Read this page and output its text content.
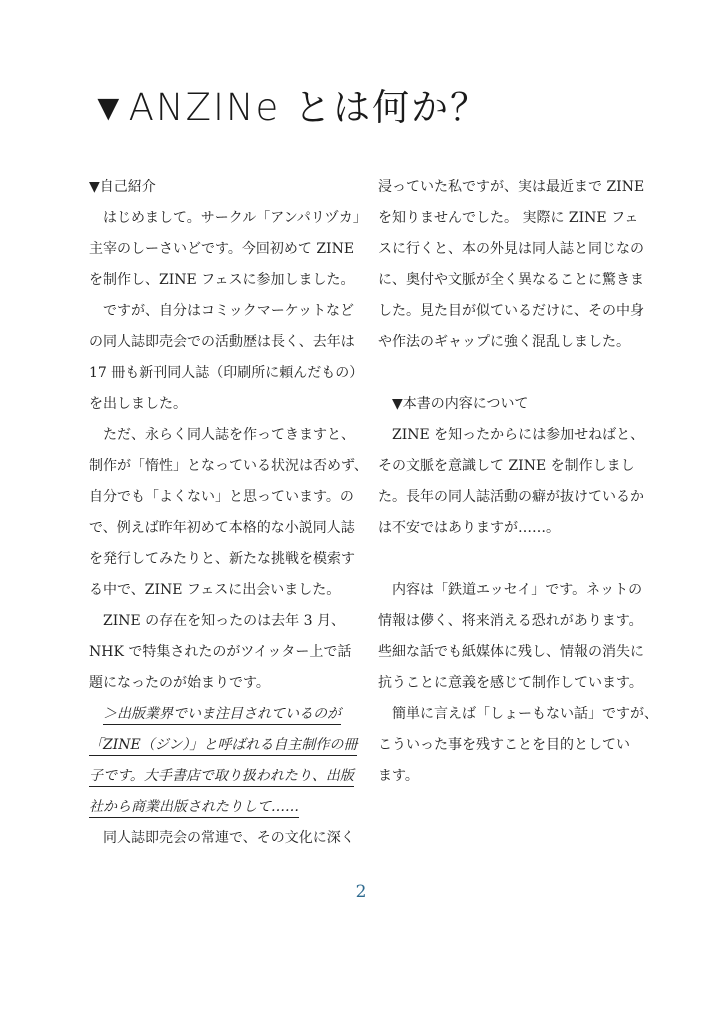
▼ANZINe とは何か？
▼自己紹介
はじめまして。サークル「アンパリヅカ」
主宰のしーさいどです。今回初めて ZINE
を制作し、ZINE フェスに参加しました。
ですが、自分はコミックマーケットなど
の同人誌即売会での活動歴は長く、去年は
17 冊も新刊同人誌（印刷所に頼んだもの）
を出しました。
ただ、永らく同人誌を作ってきますと、
制作が「惰性」となっている状況は否めず、
自分でも「よくない」と思っています。の
で、例えば昨年初めて本格的な小説同人誌
を発行してみたりと、新たな挑戦を模索す
る中で、ZINE フェスに出会いました。
ZINE の存在を知ったのは去年 3 月、
NHK で特集されたのがツイッター上で話
題になったのが始まりです。
＞出版業界でいま注目されているのが
「ZINE（ジン）」と呼ばれる自主制作の冊
子です。大手書店で取り扱われたり、出版
社から商業出版されたりして……
同人誌即売会の常連で、その文化に深く
浸っていた私ですが、実は最近まで ZINE
を知りませんでした。 実際に ZINE フェ
スに行くと、本の外見は同人誌と同じなの
に、奥付や文脈が全く異なることに驚きま
した。見た目が似ているだけに、その中身
や作法のギャップに強く混乱しました。
▼本書の内容について
ZINE を知ったからには参加せねばと、
その文脈を意識して ZINE を制作しまし
た。長年の同人誌活動の癖が抜けているか
は不安ではありますが……。
内容は「鉄道エッセイ」です。ネットの
情報は儚く、将来消える恐れがあります。
些細な話でも紙媒体に残し、情報の消失に
抗うことに意義を感じて制作しています。
簡単に言えば「しょーもない話」ですが、
こういった事を残すことを目的としてい
ます。
2
